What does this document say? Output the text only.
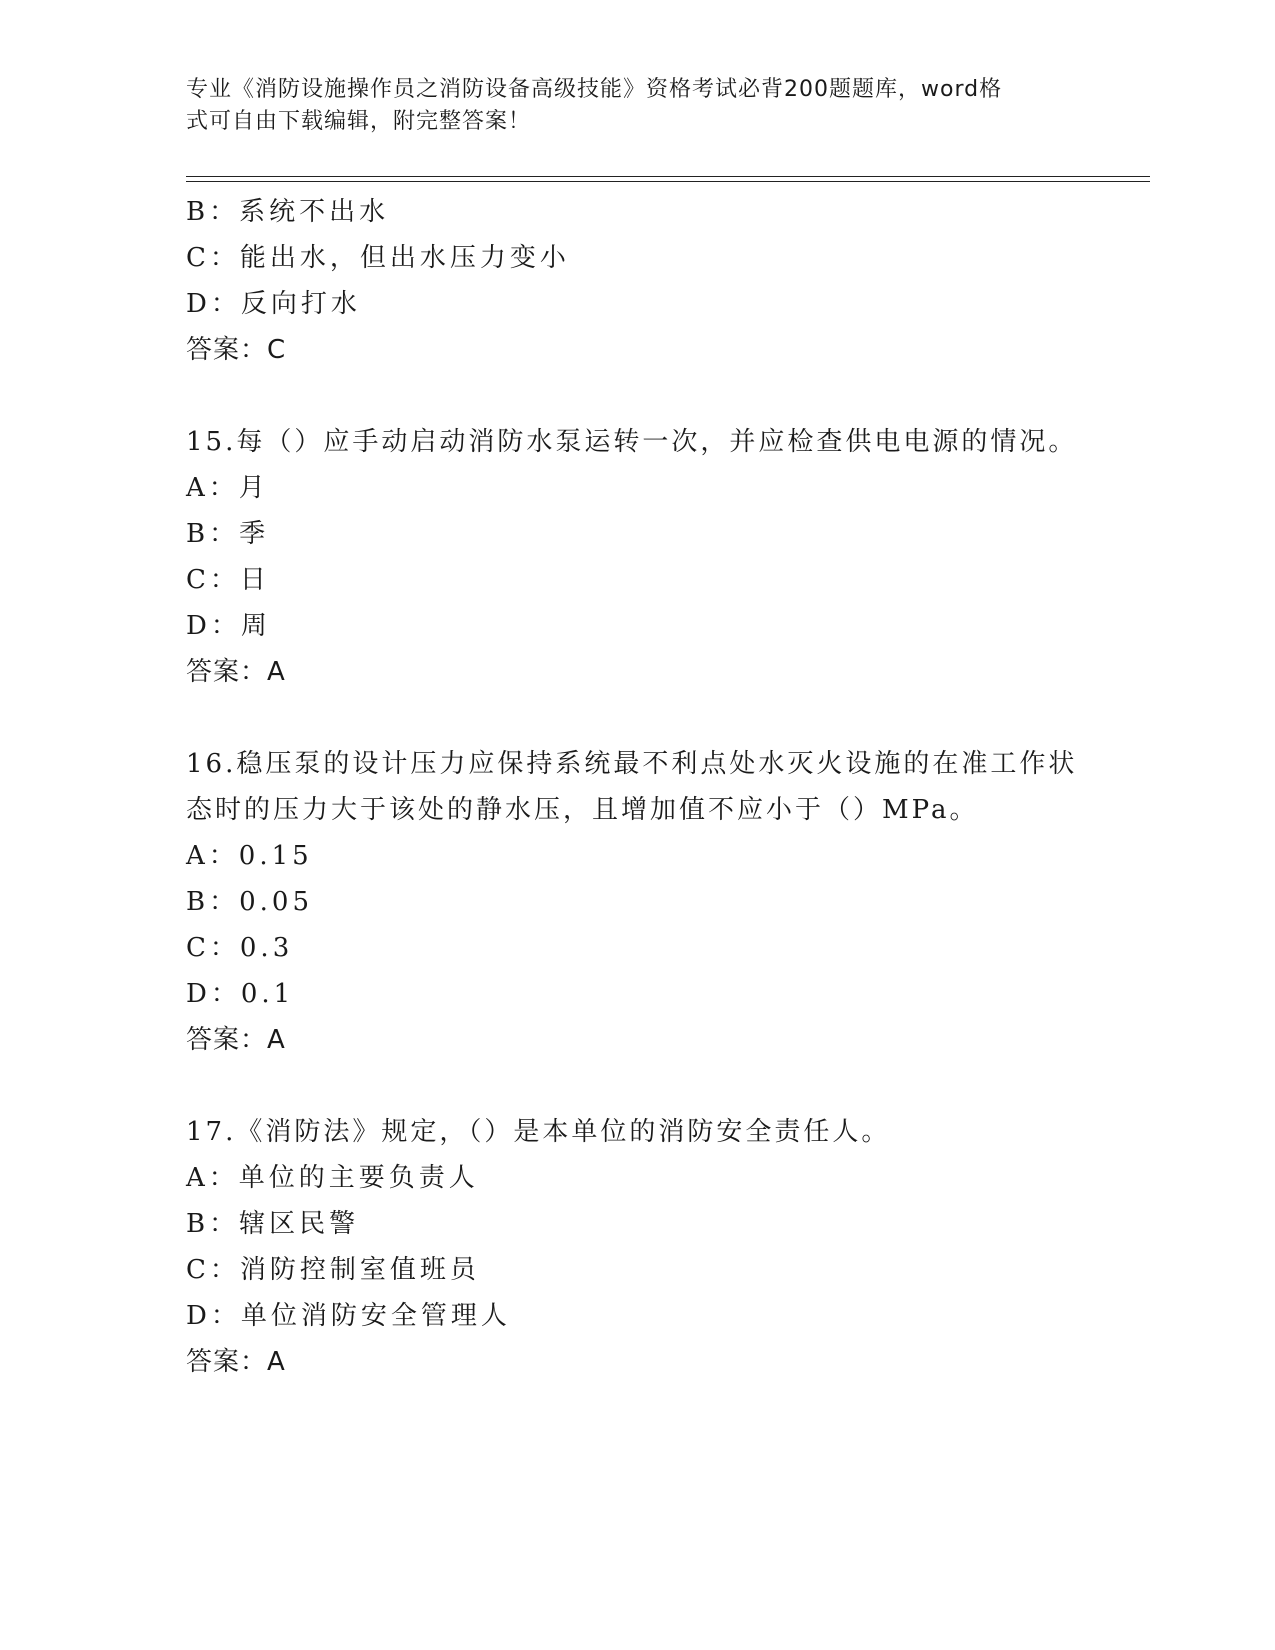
专业《消防设施操作员之消防设备高级技能》资格考试必背200题题库，word格
式可自由下载编辑，附完整答案！
B：系统不出水
C：能出水，但出水压力变小
D：反向打水
答案：C
15.每（）应手动启动消防水泵运转一次，并应检查供电电源的情况。
A：月
B：季
C：日
D：周
答案：A
16.稳压泵的设计压力应保持系统最不利点处水灭火设施的在准工作状
态时的压力大于该处的静水压，且增加值不应小于（）MPa。
A：0.15
B：0.05
C：0.3
D：0.1
答案：A
17.《消防法》规定，（）是本单位的消防安全责任人。
A：单位的主要负责人
B：辖区民警
C：消防控制室值班员
D：单位消防安全管理人
答案：A
